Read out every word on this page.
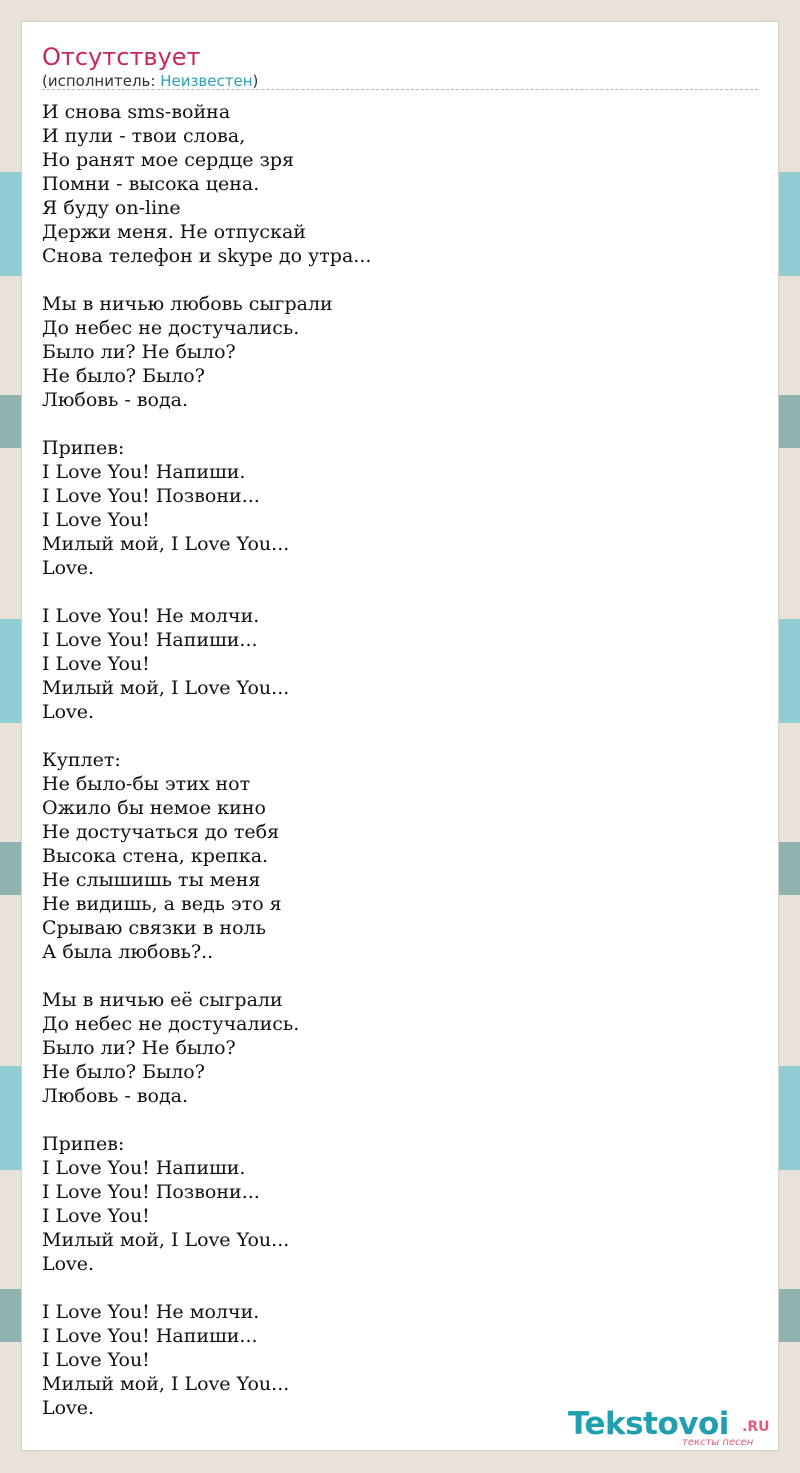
Отсутствует
(исполнитель: Неизвестен)
И снова sms-война
И пули - твои слова,
Но ранят мое сердце зря
Помни - высока цена.
Я буду on-line
Держи меня. Не отпускай
Снова телефон и skype до утра...
Мы в ничью любовь сыграли
До небес не достучались.
Было ли? Не было?
Не было? Было?
Любовь - вода.
Припев:
I Love You! Напиши.
I Love You! Позвони...
I Love You!
Милый мой, I Love You...
Love.
I Love You! Не молчи.
I Love You! Напиши...
I Love You!
Милый мой, I Love You...
Love.
Куплет:
Не было-бы этих нот
Ожило бы немое кино
Не достучаться до тебя
Высока стена, крепка.
Не слышишь ты меня
Не видишь, а ведь это я
Срываю связки в ноль
А была любовь?..
Мы в ничью её сыграли
До небес не достучались.
Было ли? Не было?
Не было? Было?
Любовь - вода.
Припев:
I Love You! Напиши.
I Love You! Позвони...
I Love You!
Милый мой, I Love You...
Love.
I Love You! Не молчи.
I Love You! Напиши...
I Love You!
Милый мой, I Love You...
Love.	Tekstovoi .RU
тексты песен
